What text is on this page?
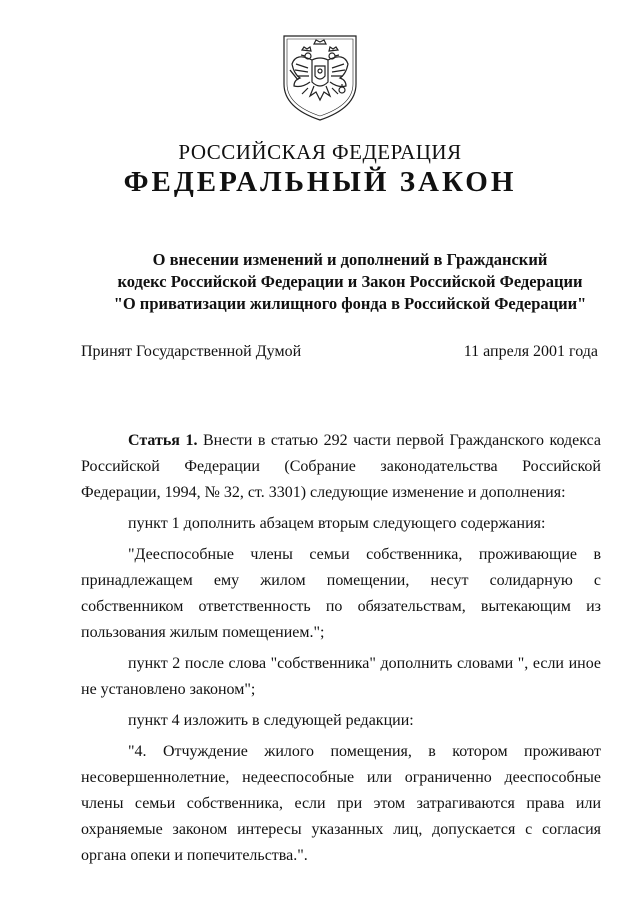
РОССИЙСКАЯ ФЕДЕРАЦИЯ
ФЕДЕРАЛЬНЫЙ ЗАКОН
О внесении изменений и дополнений в Гражданский
кодекс Российской Федерации и Закон Российской Федерации
"О приватизации жилищного фонда в Российской Федерации"
Принят Государственной Думой	11 апреля 2001 года

Статья 1. Внести в статью 292 части первой Гражданского кодекса Российской Федерации (Собрание законодательства Российской Федерации, 1994, № 32, ст. 3301) следующие изменение и дополнения:

пункт 1 дополнить абзацем вторым следующего содержания:

"Дееспособные члены семьи собственника, проживающие в принадлежащем ему жилом помещении, несут солидарную с собственником ответственность по обязательствам, вытекающим из пользования жилым помещением.";

пункт 2 после слова "собственника" дополнить словами ", если иное не установлено законом";

пункт 4 изложить в следующей редакции:

"4. Отчуждение жилого помещения, в котором проживают несовершеннолетние, недееспособные или ограниченно дееспособные члены семьи собственника, если при этом затрагиваются права или охраняемые законом интересы указанных лиц, допускается с согласия органа опеки и попечительства.".
